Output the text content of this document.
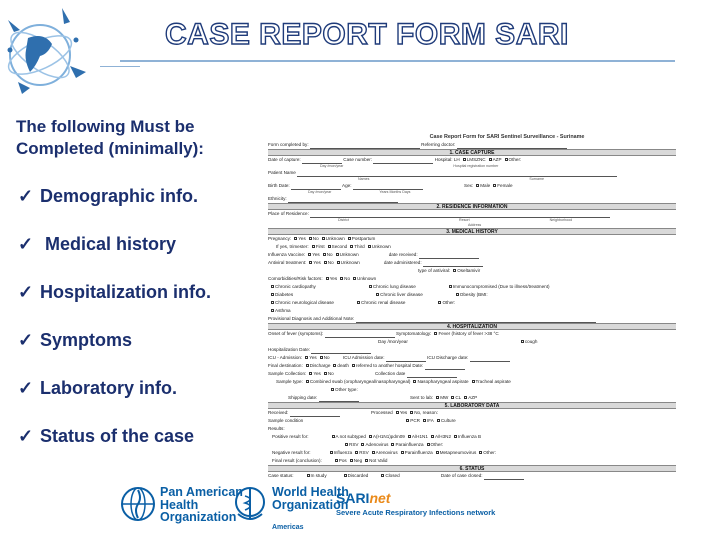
CASE REPORT FORM SARI
The following Must be Completed (minimally):
✓ Demographic info.
✓ Medical history
✓ Hospitalization info.
✓ Symptoms
✓ Laboratory info.
✓ Status of the case
Case Report Form for SARI Sentinel Surveillance - Suriname
Form completed by:	Referring doctor:
1. CASE CAPTURE
Date of capture:	Case number:	Hospital: LH LMSZNC AZP Other:
Day /mon/year	Hospital registration number
Patient Name
Names	Surname
Birth Date:	Age:	Sex: Male Female
Day /mon/year	Years Months Days
Ethnicity:
2. RESIDENCE INFORMATION
Place of Residence:
District	Resort	Neighborhood
Address
3. MEDICAL HISTORY
Pregnancy: Yes No Unknown Postpartum
If yes, trimester: First Second Third Unknown
Influenza Vaccine: Yes No Unknown	date received:
Antiviral treatment: Yes No Unknown	date administered:
type of antiviral: Oseltamivir
Comorbidities/Risk factors: Yes No Unknown
Chronic cardiopathy	Chronic lung disease	Immunocompromised (Due to illness/treatment)
Diabetes	Chronic liver disease	Obesity (BMI:
Chronic neurological disease	Chronic renal disease	Other:
Asthma
Provisional Diagnosis and Additional Note:
4. HOSPITALIZATION
Onset of fever (symptoms):	Symptomatology: Fever (history of fever >38 °C
Day /mon/year	cough
Hospitalization Date:
ICU - Admission: Yes No	ICU Admission date:	ICU Discharge date:
Final destination: Discharge death referred to another hospital Date:
Sample Collection: Yes No	Collection date
Sample type: Combined swab (oropharyngeal/nasopharyngeal) Nasopharyngeal aspirate Tracheal aspirate
Other type:
Shipping date:	Sent to lab: MW CL AZP
5. LABORATORY DATA
Received:	Processed Yes No, reason:
Sample condition	PCR IFA Culture
Results:
Positive result for:	A not subtyped A(H1N1)pdm09 A/H1N1 A/H3N2 Influenza B
RSV Adenovirus Parainfluenza Other:
Negative result for:	Influenza RSV Arenovirus Parainfluenza Metapneumovirus Other:
Final result (conclusion):	Pos Neg Not Valid
6. STATUS
Case status:	In study	Discarded	Closed	Date of case closed:
Pan American
Health
Organization
World Health
Organization
Americas
SARInet
Severe Acute Respiratory Infections network
